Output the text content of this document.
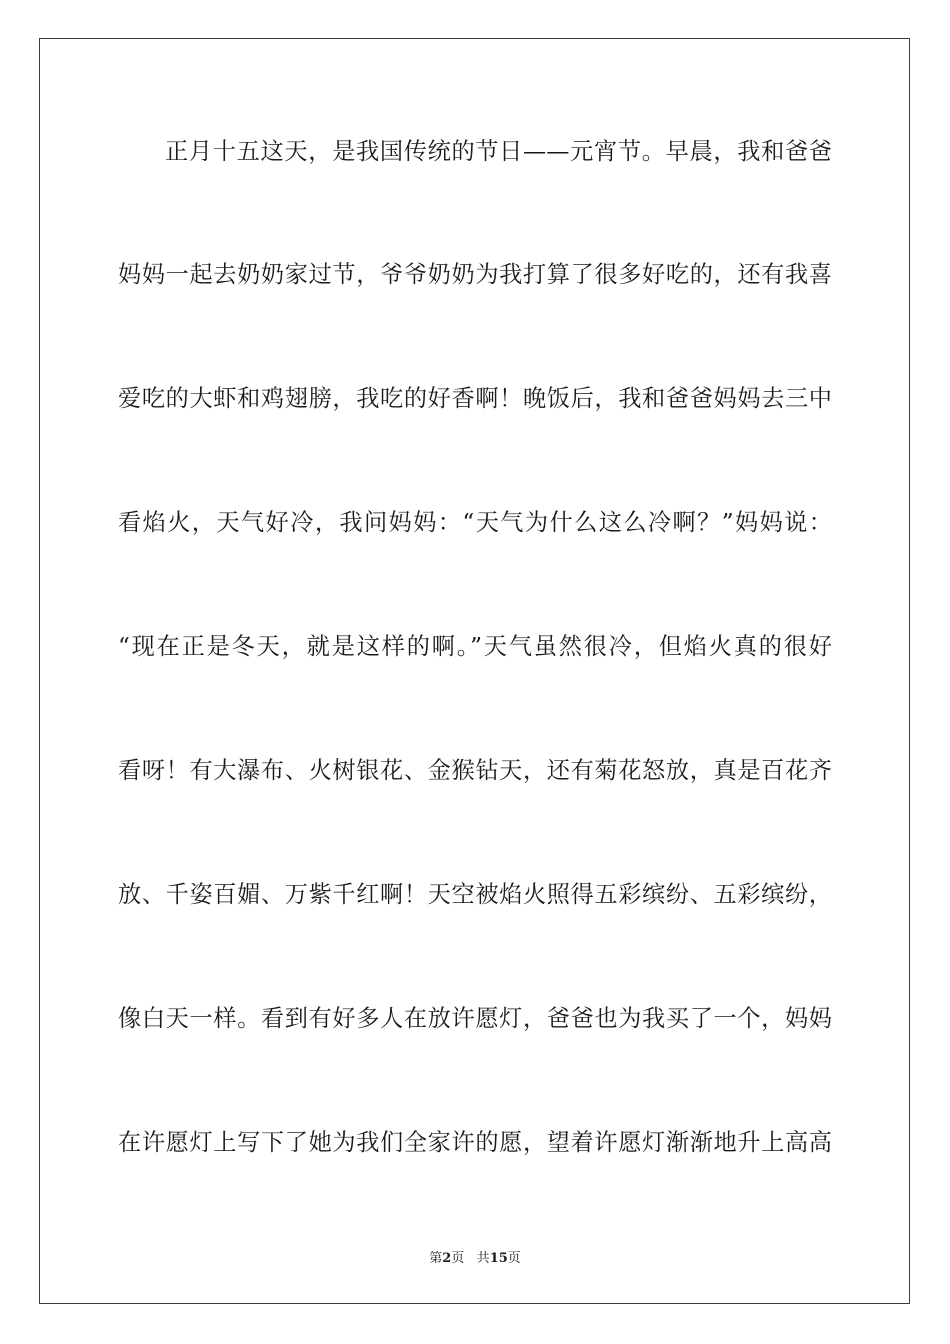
正月十五这天，是我国传统的节日——元宵节。早晨，我和爸爸
妈妈一起去奶奶家过节，爷爷奶奶为我打算了很多好吃的，还有我喜
爱吃的大虾和鸡翅膀，我吃的好香啊！晚饭后，我和爸爸妈妈去三中
看焰火，天气好冷，我问妈妈：“天气为什么这么冷啊？”妈妈说：
“现在正是冬天，就是这样的啊。”天气虽然很冷，但焰火真的很好
看呀！有大瀑布、火树银花、金猴钻天，还有菊花怒放，真是百花齐
放、千姿百媚、万紫千红啊！天空被焰火照得五彩缤纷、五彩缤纷，
像白天一样。看到有好多人在放许愿灯，爸爸也为我买了一个，妈妈
在许愿灯上写下了她为我们全家许的愿，望着许愿灯渐渐地升上高高
第2页 共15页
